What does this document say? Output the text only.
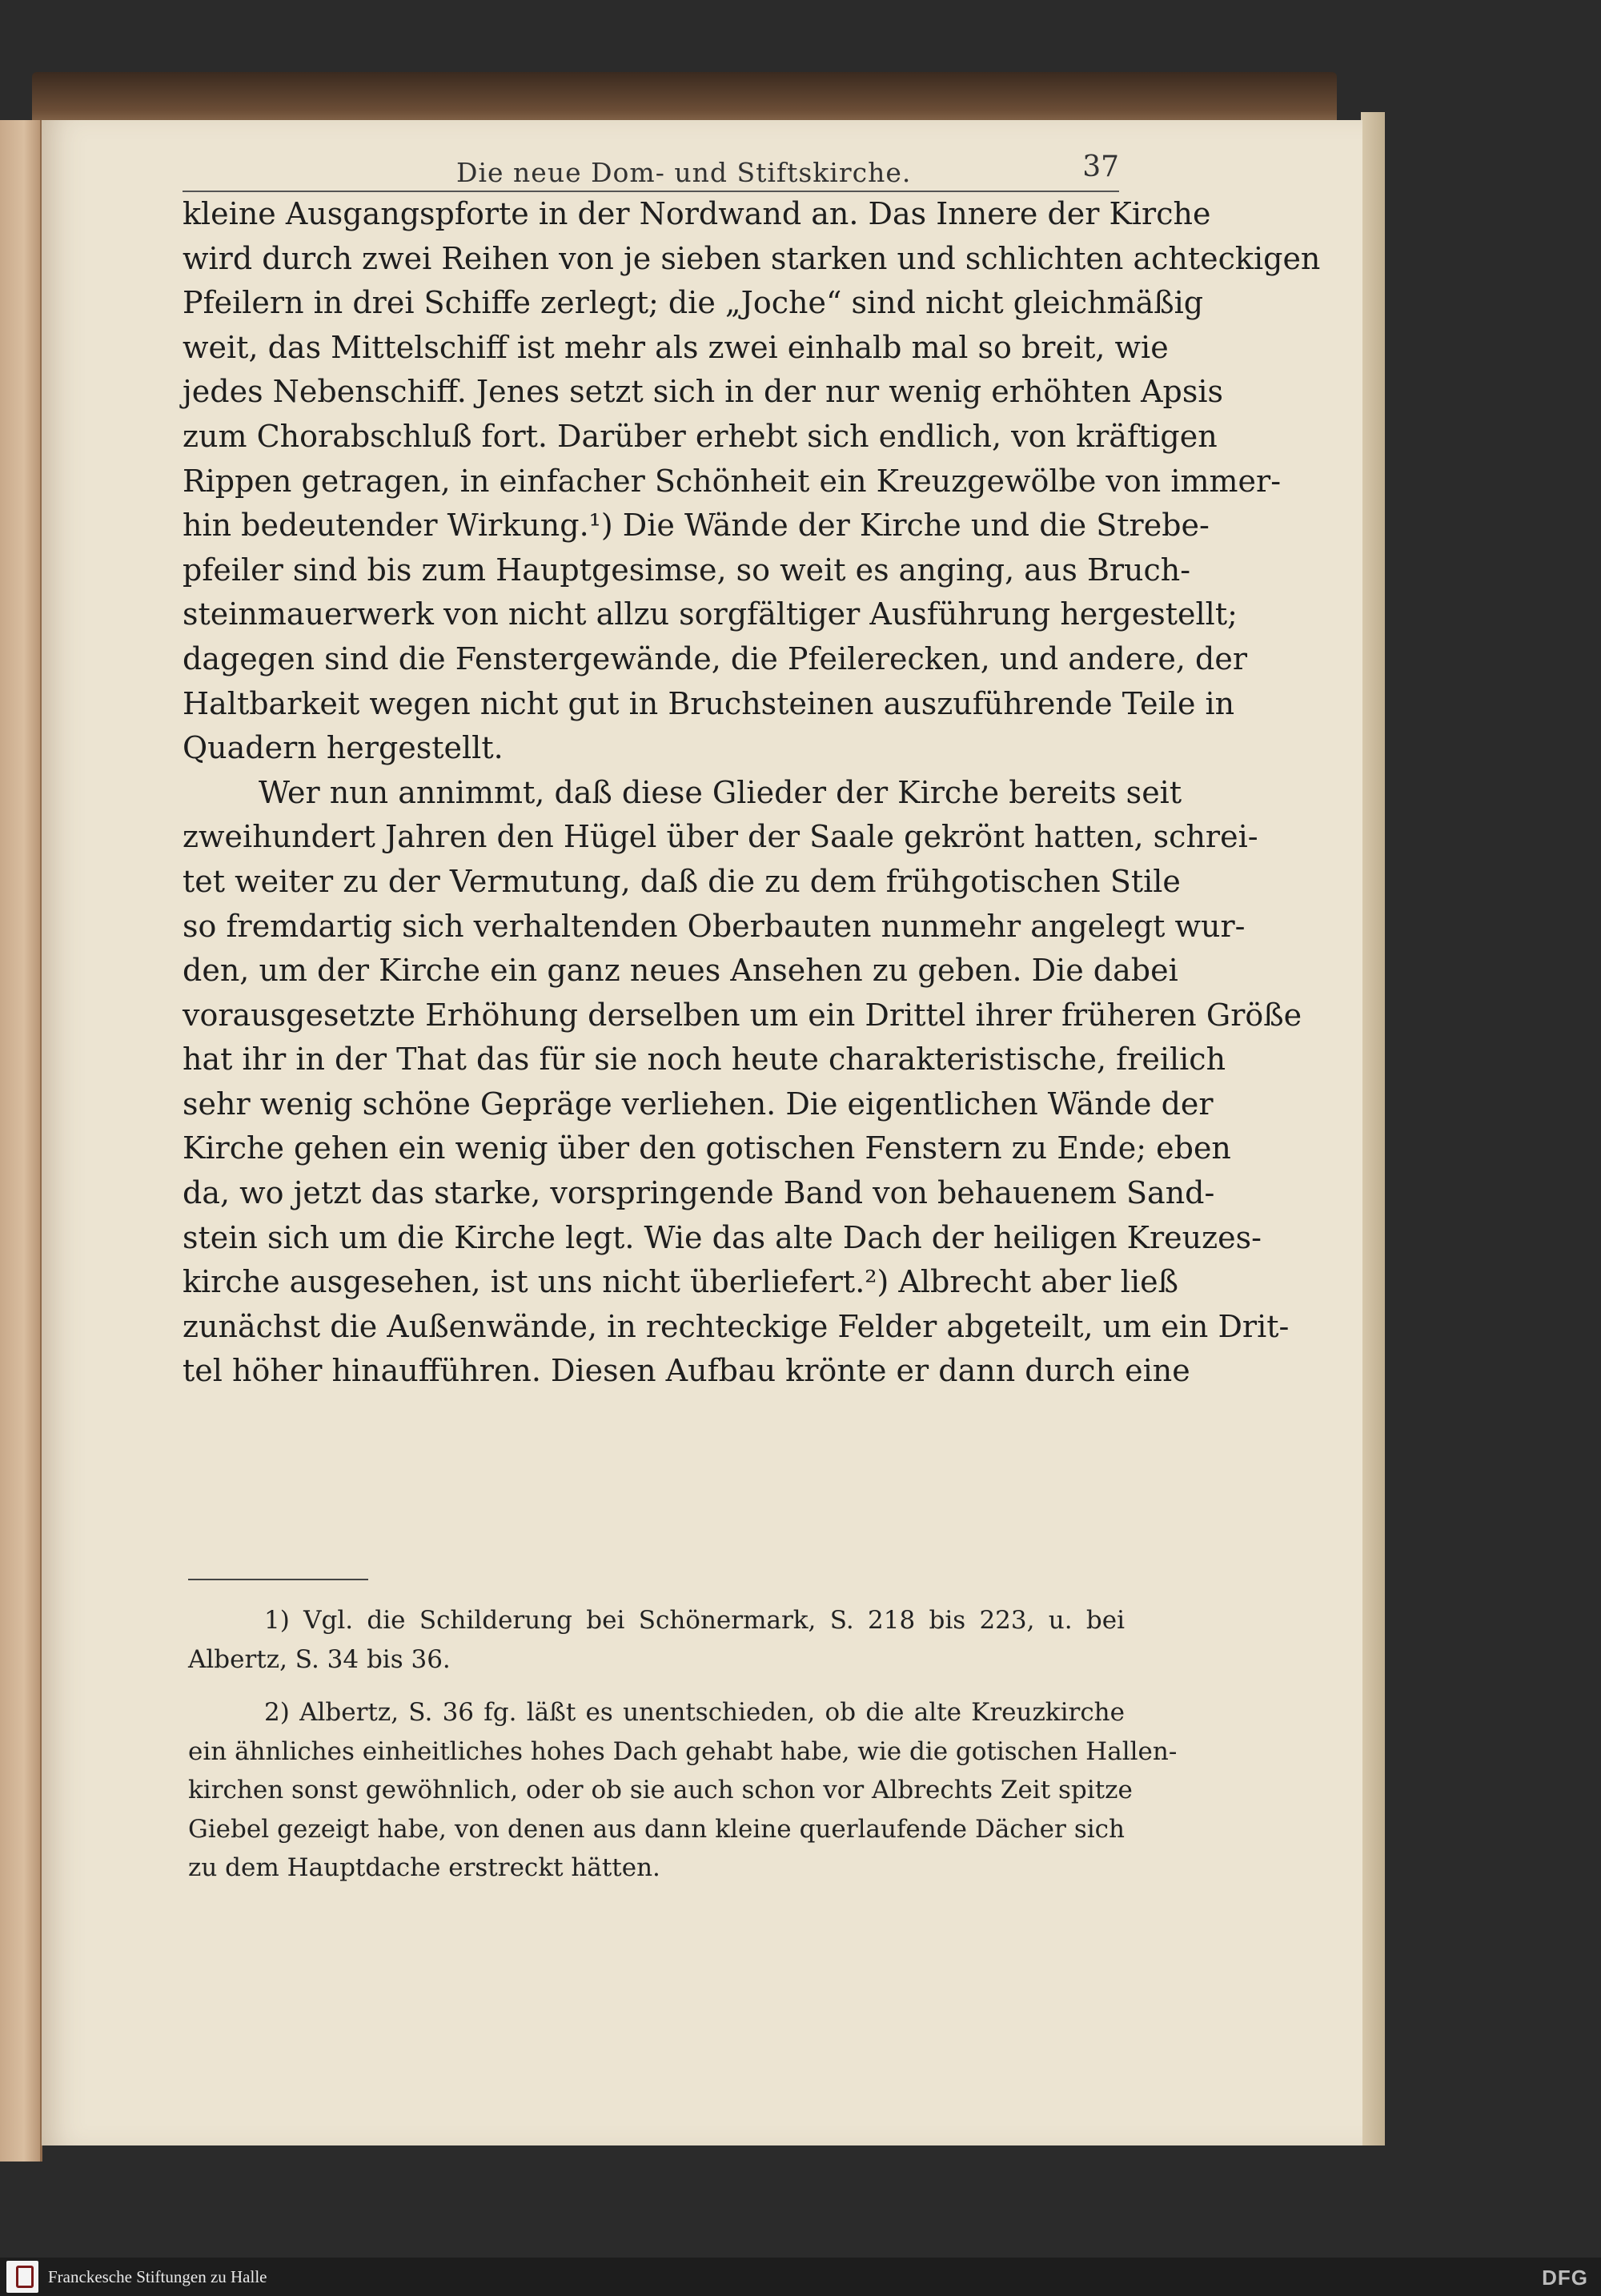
Die neue Dom- und Stiftskirche.	37
kleine Ausgangspforte in der Nordwand an. Das Innere der Kirche
wird durch zwei Reihen von je sieben starken und schlichten achteckigen
Pfeilern in drei Schiffe zerlegt; die „Joche“ sind nicht gleichmäßig
weit, das Mittelschiff ist mehr als zwei einhalb mal so breit, wie
jedes Nebenschiff. Jenes setzt sich in der nur wenig erhöhten Apsis
zum Chorabschluß fort. Darüber erhebt sich endlich, von kräftigen
Rippen getragen, in einfacher Schönheit ein Kreuzgewölbe von immer-
hin bedeutender Wirkung.¹) Die Wände der Kirche und die Strebe-
pfeiler sind bis zum Hauptgesimse, so weit es anging, aus Bruch-
steinmauerwerk von nicht allzu sorgfältiger Ausführung hergestellt;
dagegen sind die Fenstergewände, die Pfeilerecken, und andere, der
Haltbarkeit wegen nicht gut in Bruchsteinen auszuführende Teile in
Quadern hergestellt.
Wer nun annimmt, daß diese Glieder der Kirche bereits seit
zweihundert Jahren den Hügel über der Saale gekrönt hatten, schrei-
tet weiter zu der Vermutung, daß die zu dem frühgotischen Stile
so fremdartig sich verhaltenden Oberbauten nunmehr angelegt wur-
den, um der Kirche ein ganz neues Ansehen zu geben. Die dabei
vorausgesetzte Erhöhung derselben um ein Drittel ihrer früheren Größe
hat ihr in der That das für sie noch heute charakteristische, freilich
sehr wenig schöne Gepräge verliehen. Die eigentlichen Wände der
Kirche gehen ein wenig über den gotischen Fenstern zu Ende; eben
da, wo jetzt das starke, vorspringende Band von behauenem Sand-
stein sich um die Kirche legt. Wie das alte Dach der heiligen Kreuzes-
kirche ausgesehen, ist uns nicht überliefert.²) Albrecht aber ließ
zunächst die Außenwände, in rechteckige Felder abgeteilt, um ein Drit-
tel höher hinaufführen. Diesen Aufbau krönte er dann durch eine
1) Vgl. die Schilderung bei Schönermark, S. 218 bis 223, u. bei
Albertz, S. 34 bis 36.
2) Albertz, S. 36 fg. läßt es unentschieden, ob die alte Kreuzkirche
ein ähnliches einheitliches hohes Dach gehabt habe, wie die gotischen Hallen-
kirchen sonst gewöhnlich, oder ob sie auch schon vor Albrechts Zeit spitze
Giebel gezeigt habe, von denen aus dann kleine querlaufende Dächer sich
zu dem Hauptdache erstreckt hätten.
Franckesche Stiftungen zu Halle	DFG
